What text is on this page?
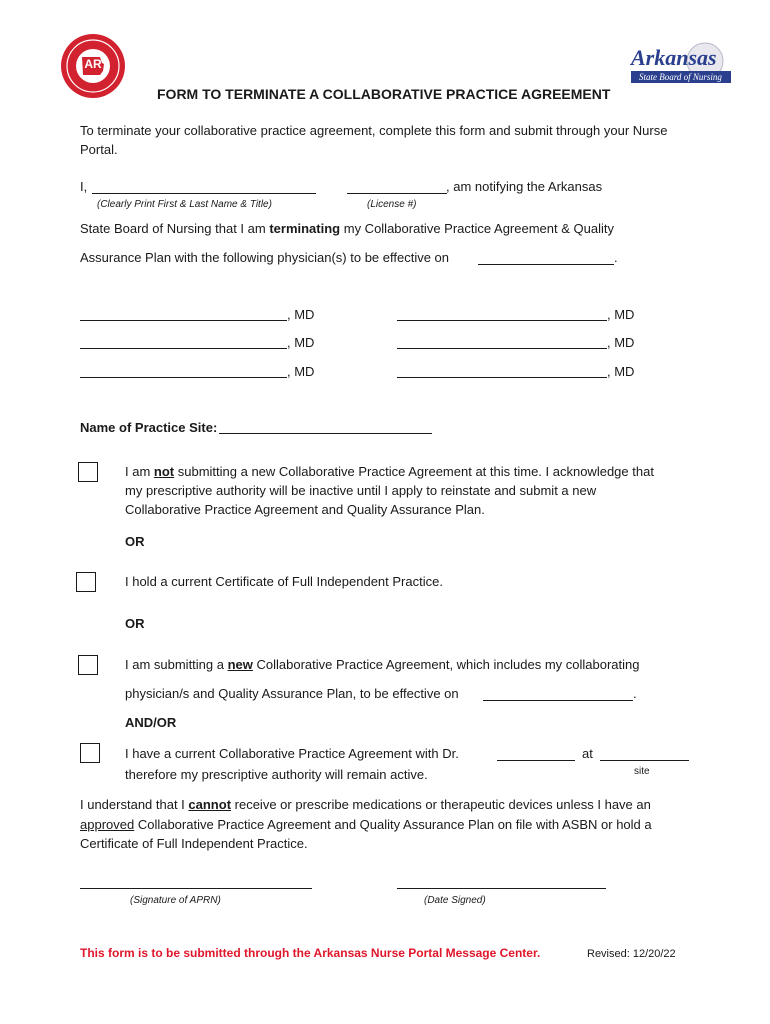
AR	Arkansas
State Board of Nursing
FORM TO TERMINATE A COLLABORATIVE PRACTICE AGREEMENT
To terminate your collaborative practice agreement, complete this form and submit through your Nurse Portal.
I,	, am notifying the Arkansas
(Clearly Print First & Last Name & Title)	(License #)
State Board of Nursing that I am terminating my Collaborative Practice Agreement & Quality
Assurance Plan with the following physician(s) to be effective on	.
, MD	, MD
, MD	, MD
, MD	, MD
Name of Practice Site:
I am not submitting a new Collaborative Practice Agreement at this time. I acknowledge that
my prescriptive authority will be inactive until I apply to reinstate and submit a new
Collaborative Practice Agreement and Quality Assurance Plan.
OR
I hold a current Certificate of Full Independent Practice.
OR
I am submitting a new Collaborative Practice Agreement, which includes my collaborating
physician/s and Quality Assurance Plan, to be effective on	.
AND/OR
I have a current Collaborative Practice Agreement with Dr.	at
site
therefore my prescriptive authority will remain active.
I understand that I cannot receive or prescribe medications or therapeutic devices unless I have an
approved Collaborative Practice Agreement and Quality Assurance Plan on file with ASBN or hold a
Certificate of Full Independent Practice.
(Signature of APRN)	(Date Signed)
This form is to be submitted through the Arkansas Nurse Portal Message Center.	Revised: 12/20/22
